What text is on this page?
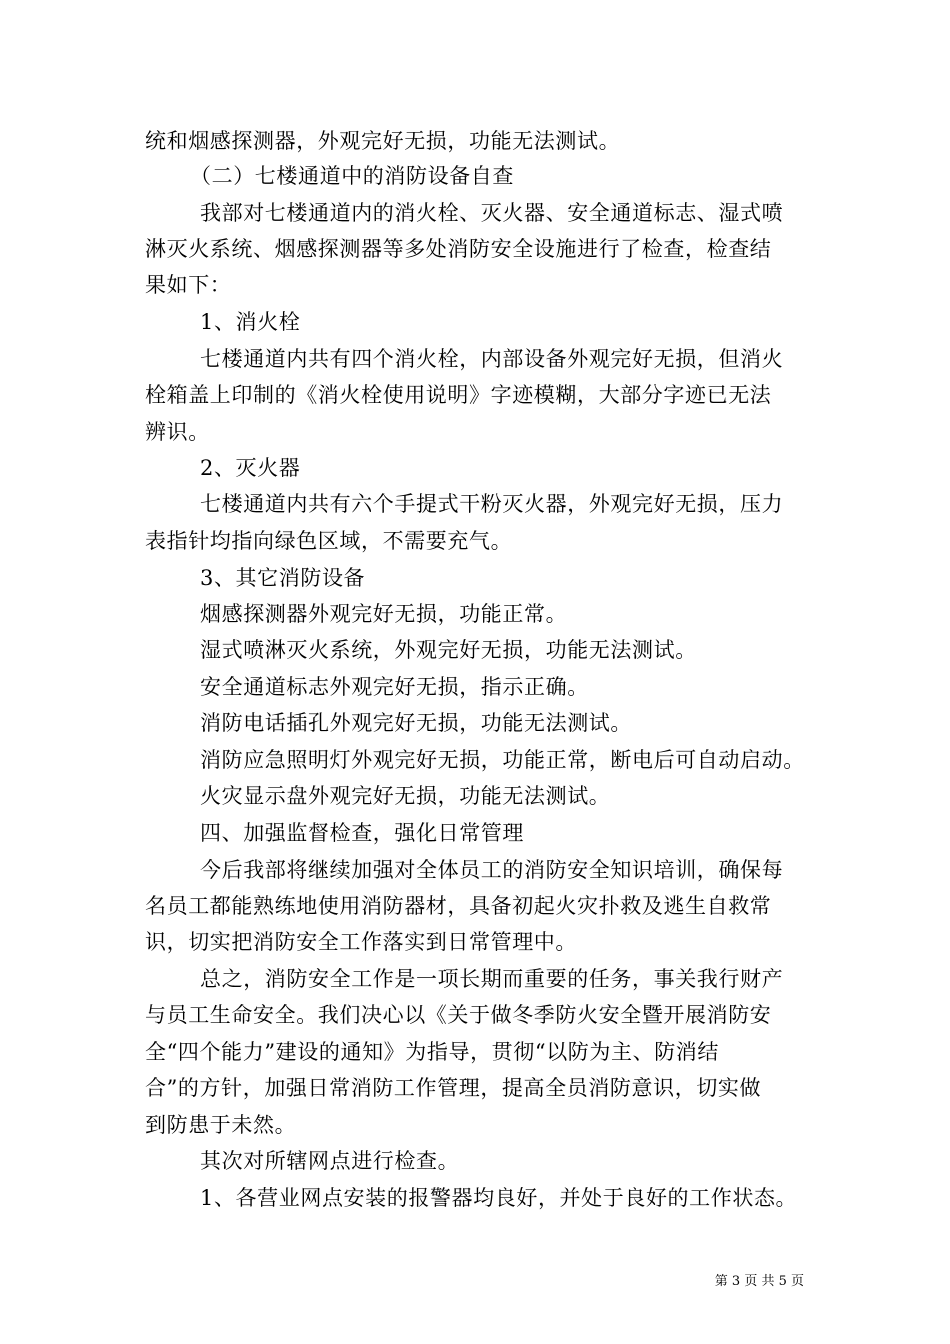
统和烟感探测器，外观完好无损，功能无法测试。
（二）七楼通道中的消防设备自查
我部对七楼通道内的消火栓、灭火器、安全通道标志、湿式喷
淋灭火系统、烟感探测器等多处消防安全设施进行了检查，检查结
果如下：
1、消火栓
七楼通道内共有四个消火栓，内部设备外观完好无损，但消火
栓箱盖上印制的《消火栓使用说明》字迹模糊，大部分字迹已无法
辨识。
2、灭火器
七楼通道内共有六个手提式干粉灭火器，外观完好无损，压力
表指针均指向绿色区域，不需要充气。
3、其它消防设备
烟感探测器外观完好无损，功能正常。
湿式喷淋灭火系统，外观完好无损，功能无法测试。
安全通道标志外观完好无损，指示正确。
消防电话插孔外观完好无损，功能无法测试。
消防应急照明灯外观完好无损，功能正常，断电后可自动启动。
火灾显示盘外观完好无损，功能无法测试。
四、加强监督检查，强化日常管理
今后我部将继续加强对全体员工的消防安全知识培训，确保每
名员工都能熟练地使用消防器材，具备初起火灾扑救及逃生自救常
识，切实把消防安全工作落实到日常管理中。
总之，消防安全工作是一项长期而重要的任务，事关我行财产
与员工生命安全。我们决心以《关于做冬季防火安全暨开展消防安
全“四个能力”建设的通知》为指导，贯彻“以防为主、防消结
合”的方针，加强日常消防工作管理，提高全员消防意识，切实做
到防患于未然。
其次对所辖网点进行检查。
1、各营业网点安装的报警器均良好，并处于良好的工作状态。
第 3 页 共 5 页
